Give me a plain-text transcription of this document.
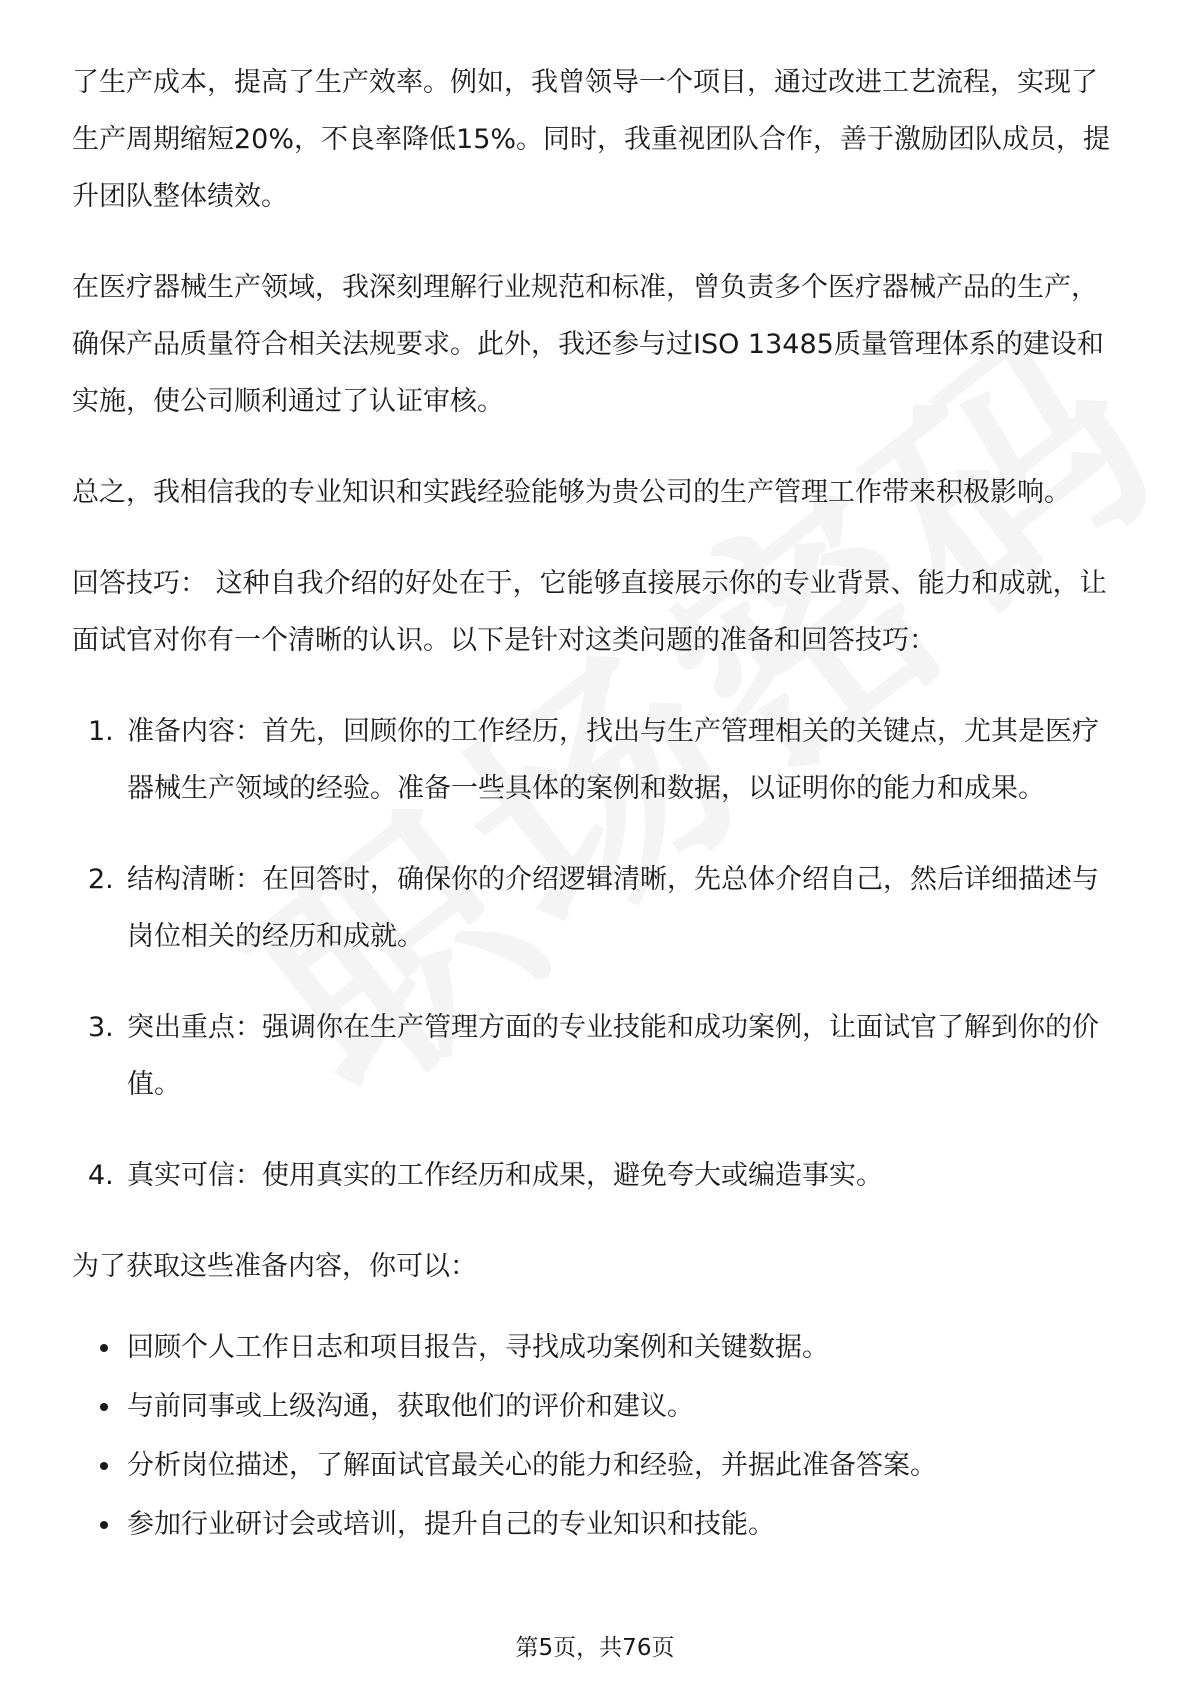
了生产成本，提高了生产效率。例如，我曾领导一个项目，通过改进工艺流程，实现了生产周期缩短20%，不良率降低15%。同时，我重视团队合作，善于激励团队成员，提升团队整体绩效。

在医疗器械生产领域，我深刻理解行业规范和标准，曾负责多个医疗器械产品的生产，确保产品质量符合相关法规要求。此外，我还参与过ISO 13485质量管理体系的建设和实施，使公司顺利通过了认证审核。

总之，我相信我的专业知识和实践经验能够为贵公司的生产管理工作带来积极影响。

回答技巧： 这种自我介绍的好处在于，它能够直接展示你的专业背景、能力和成就，让面试官对你有一个清晰的认识。以下是针对这类问题的准备和回答技巧：

1. 准备内容：首先，回顾你的工作经历，找出与生产管理相关的关键点，尤其是医疗器械生产领域的经验。准备一些具体的案例和数据，以证明你的能力和成果。
2. 结构清晰：在回答时，确保你的介绍逻辑清晰，先总体介绍自己，然后详细描述与岗位相关的经历和成就。
3. 突出重点：强调你在生产管理方面的专业技能和成功案例，让面试官了解到你的价值。
4. 真实可信：使用真实的工作经历和成果，避免夸大或编造事实。

为了获取这些准备内容，你可以：

回顾个人工作日志和项目报告，寻找成功案例和关键数据。
与前同事或上级沟通，获取他们的评价和建议。
分析岗位描述，了解面试官最关心的能力和经验，并据此准备答案。
参加行业研讨会或培训，提升自己的专业知识和技能。
第5页，共76页
